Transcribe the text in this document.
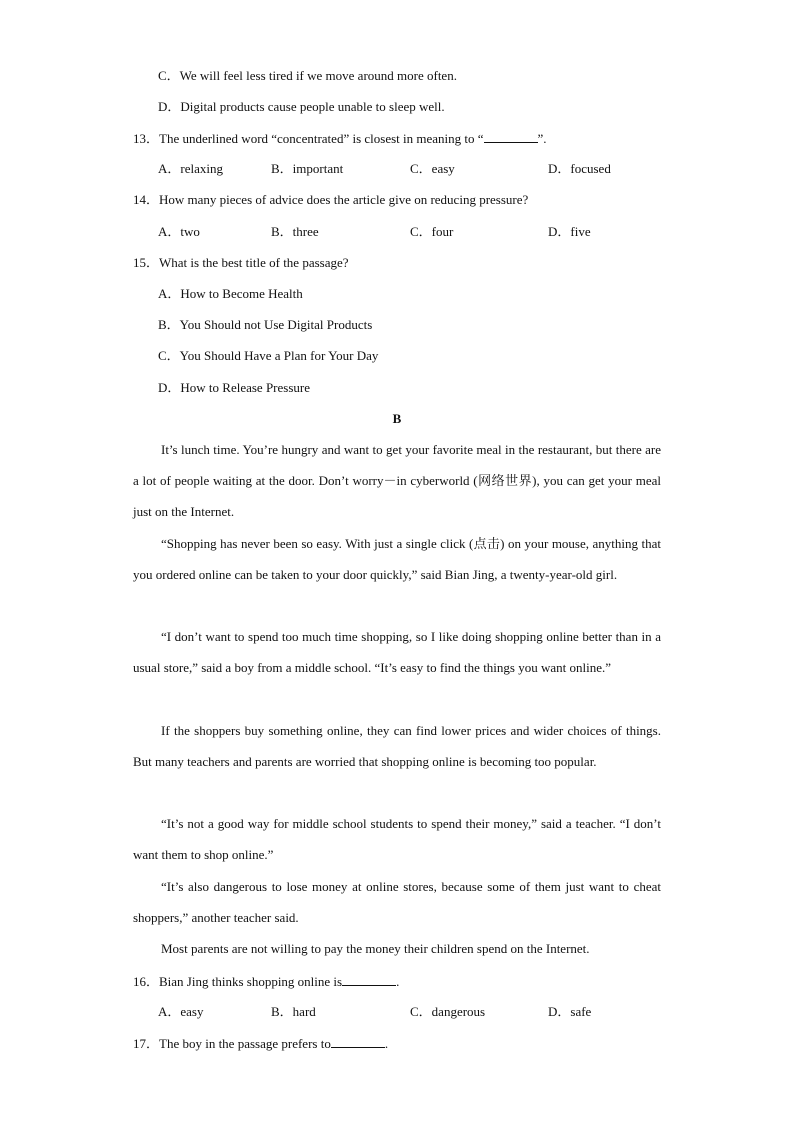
C．We will feel less tired if we move around more often.
D．Digital products cause people unable to sleep well.
13．The underlined word “concentrated” is closest in meaning to “	”.
A．relaxing	B．important	C．easy	D．focused
14．How many pieces of advice does the article give on reducing pressure?
A．two	B．three	C．four	D．five
15．What is the best title of the passage?
A．How to Become Health
B．You Should not Use Digital Products
C．You Should Have a Plan for Your Day
D．How to Release Pressure
B
It’s lunch time. You’re hungry and want to get your favorite meal in the restaurant, but there are a lot of people waiting at the door. Don’t worry－in cyberworld (网络世界), you can get your meal just on the Internet.
“Shopping has never been so easy. With just a single click (点击) on your mouse, anything that you ordered online can be taken to your door quickly,” said Bian Jing, a twenty-year-old girl.
“I don’t want to spend too much time shopping, so I like doing shopping online better than in a usual store,” said a boy from a middle school. “It’s easy to find the things you want online.”
If the shoppers buy something online, they can find lower prices and wider choices of things. But many teachers and parents are worried that shopping online is becoming too popular.
“It’s not a good way for middle school students to spend their money,” said a teacher. “I don’t want them to shop online.”
“It’s also dangerous to lose money at online stores, because some of them just want to cheat shoppers,” another teacher said.
Most parents are not willing to pay the money their children spend on the Internet.
16．Bian Jing thinks shopping online is	.
A．easy	B．hard	C．dangerous	D．safe
17．The boy in the passage prefers to	.
